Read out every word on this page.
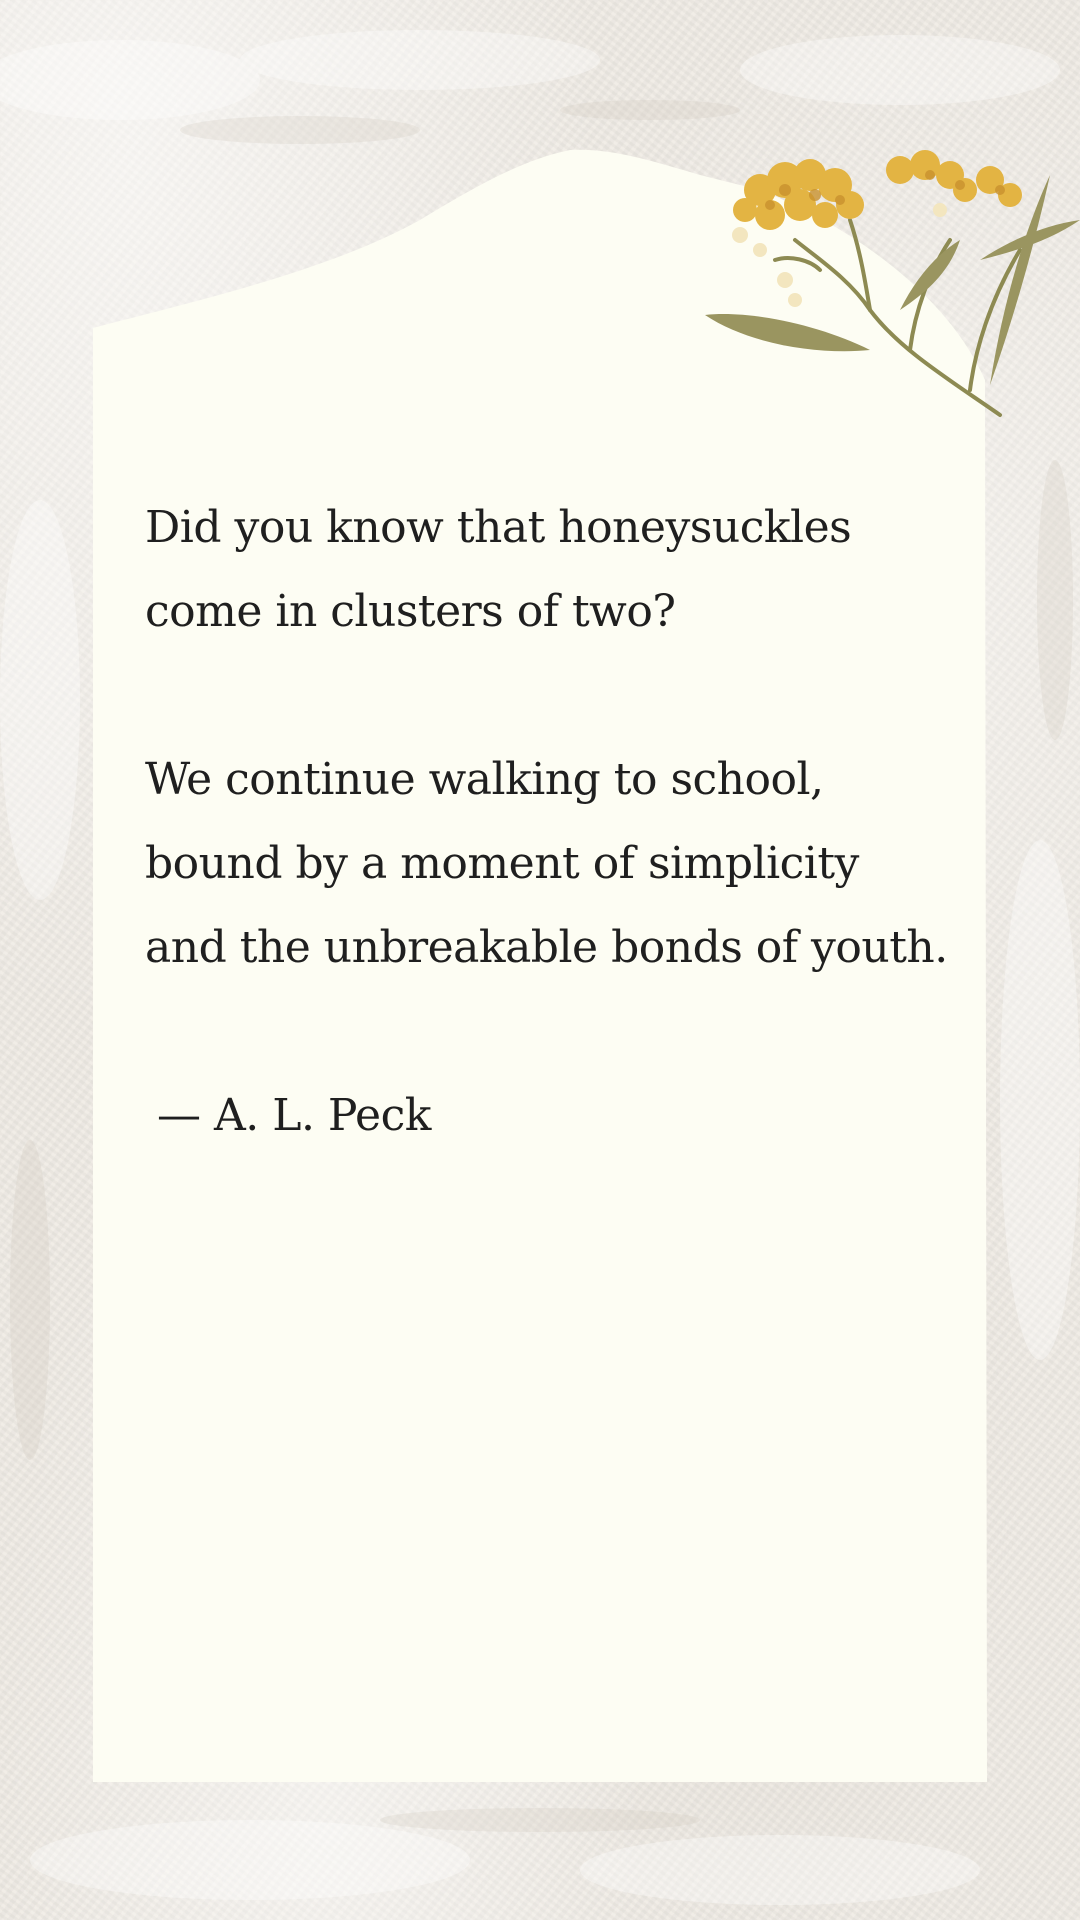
Did you know that honeysuckles
come in clusters of two?
We continue walking to school,
bound by a moment of simplicity
and the unbreakable bonds of youth.
— A. L. Peck
